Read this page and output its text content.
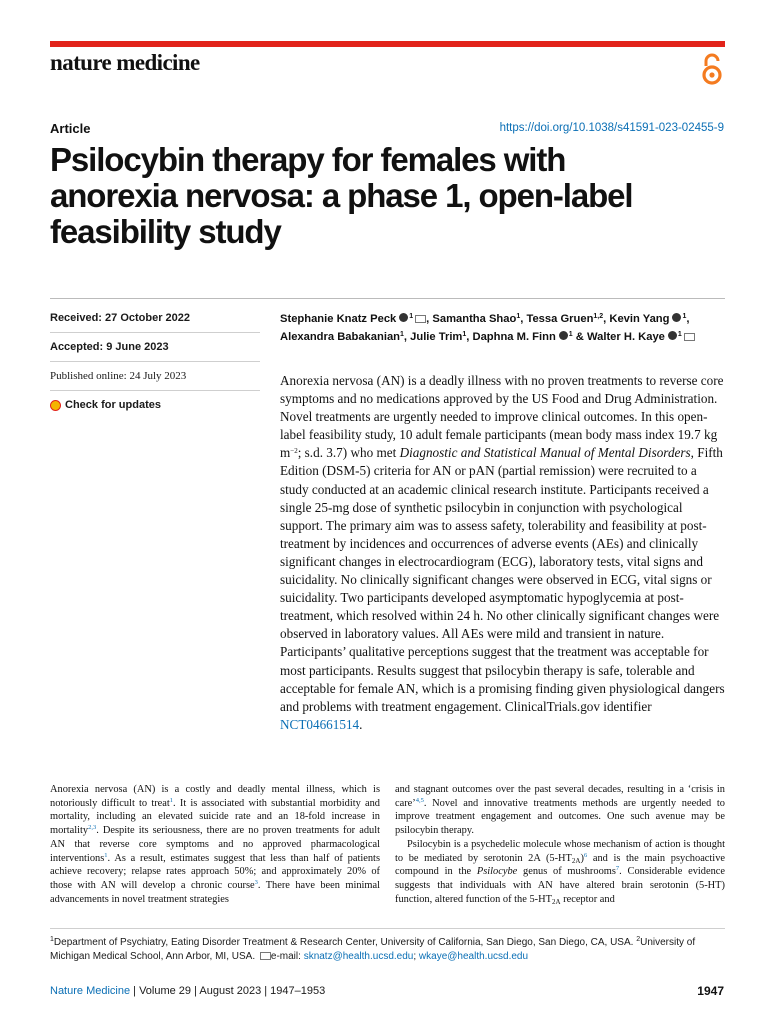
nature medicine
Article	https://doi.org/10.1038/s41591-023-02455-9
Psilocybin therapy for females with anorexia nervosa: a phase 1, open-label feasibility study
Received: 27 October 2022
Accepted: 9 June 2023
Published online: 24 July 2023
Check for updates
Stephanie Knatz Peck $^1$ , Samantha Shao$^1$, Tessa Gruen$^{1,2}$, Kevin Yang $^1$, Alexandra Babakanian$^1$, Julie Trim$^1$, Daphna M. Finn $^1$ & Walter H. Kaye $^1$
Anorexia nervosa (AN) is a deadly illness with no proven treatments to reverse core symptoms and no medications approved by the US Food and Drug Administration. Novel treatments are urgently needed to improve clinical outcomes. In this open-label feasibility study, 10 adult female participants (mean body mass index 19.7 kg $m^{-2}$; s.d. 3.7) who met Diagnostic and Statistical Manual of Mental Disorders, Fifth Edition (DSM-5) criteria for AN or pAN (partial remission) were recruited to a study conducted at an academic clinical research institute. Participants received a single 25-mg dose of synthetic psilocybin in conjunction with psychological support. The primary aim was to assess safety, tolerability and feasibility at post-treatment by incidences and occurrences of adverse events (AEs) and clinically significant changes in electrocardiogram (ECG), laboratory tests, vital signs and suicidality. No clinically significant changes were observed in ECG, vital signs or suicidality. Two participants developed asymptomatic hypoglycemia at post-treatment, which resolved within 24 h. No other clinically significant changes were observed in laboratory values. All AEs were mild and transient in nature. Participants’ qualitative perceptions suggest that the treatment was acceptable for most participants. Results suggest that psilocybin therapy is safe, tolerable and acceptable for female AN, which is a promising finding given physiological dangers and problems with treatment engagement. ClinicalTrials.gov identifier NCT04661514.

Anorexia nervosa (AN) is a costly and deadly mental illness, which is notoriously difficult to treat$^1$. It is associated with substantial morbidity and mortality, including an elevated suicide rate and an 18-fold increase in mortality$^{2,3}$. Despite its seriousness, there are no proven treatments for adult AN that reverse core symptoms and no approved pharmacological interventions$^1$. As a result, estimates suggest that less than half of patients achieve recovery; relapse rates approach 50%; and approximately 20% of those with AN will develop a chronic course$^3$. There have been minimal advancements in novel treatment strategies

and stagnant outcomes over the past several decades, resulting in a ‘crisis in care’$^{4,5}$. Novel and innovative treatments methods are urgently needed to improve treatment engagement and outcomes. One such avenue may be psilocybin therapy.

Psilocybin is a psychedelic molecule whose mechanism of action is thought to be mediated by serotonin 2A $(5-HT_{2A})^6$ and is the main psychoactive compound in the Psilocybe genus of mushrooms$^7$. Considerable evidence suggests that individuals with AN have altered brain serotonin (5-HT) function, altered function of the $5-HT_{2A}$ receptor and

$^1$Department of Psychiatry, Eating Disorder Treatment & Research Center, University of California, San Diego, San Diego, CA, USA. $^2$University of Michigan Medical School, Ann Arbor, MI, USA. e-mail: sknatz@health.ucsd.edu; wkaye@health.ucsd.edu
Nature Medicine | Volume 29 | August 2023 | 1947–1953	1947
